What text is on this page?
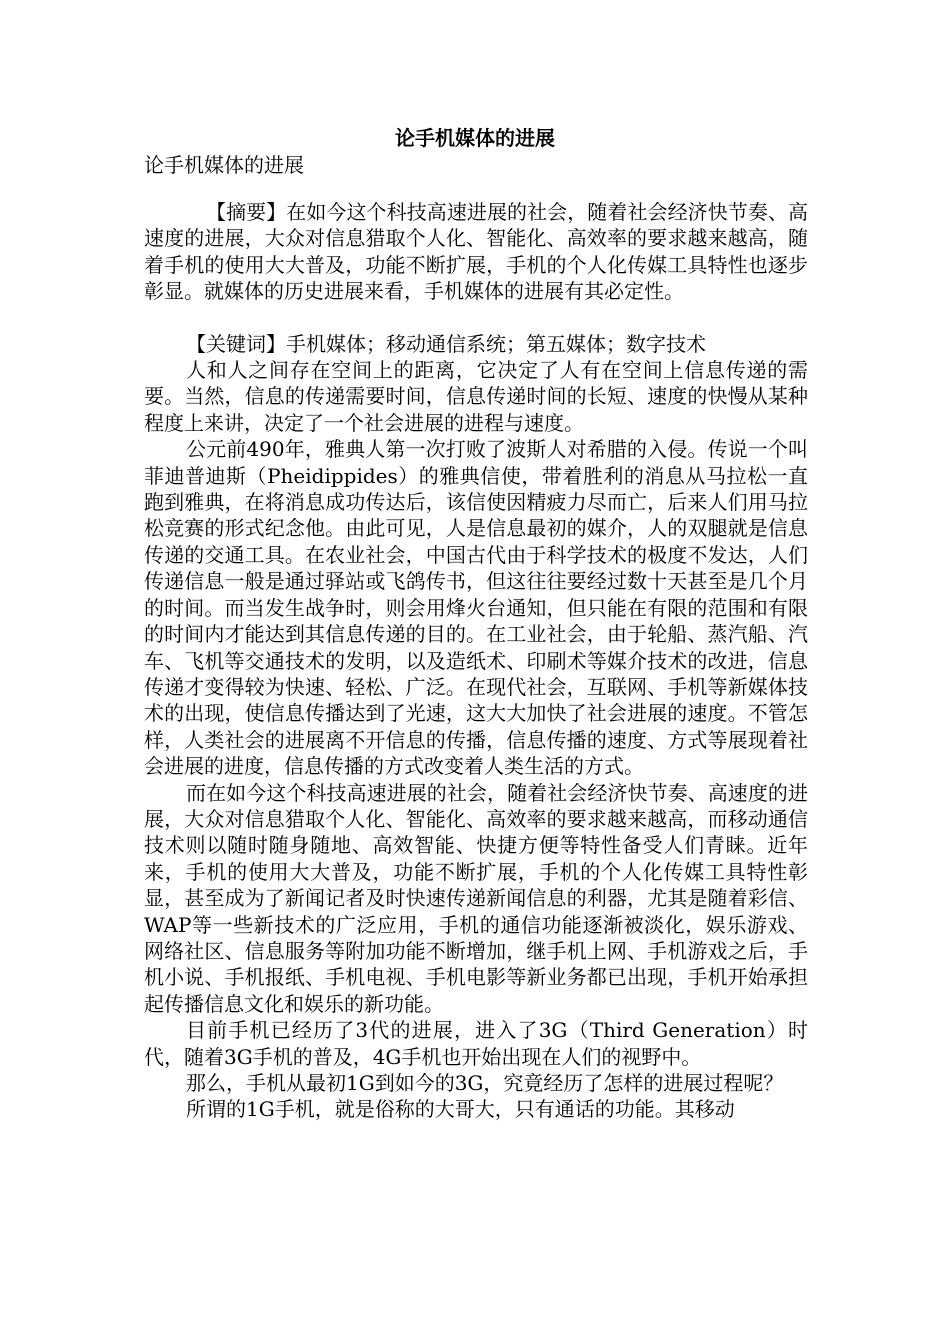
论手机媒体的进展
论手机媒体的进展

【摘要】在如今这个科技高速进展的社会，随着社会经济快节奏、高速度的进展，大众对信息猎取个人化、智能化、高效率的要求越来越高，随着手机的使用大大普及，功能不断扩展，手机的个人化传媒工具特性也逐步彰显。就媒体的历史进展来看，手机媒体的进展有其必定性。

【关键词】手机媒体；移动通信系统；第五媒体；数字技术

人和人之间存在空间上的距离，它决定了人有在空间上信息传递的需要。当然，信息的传递需要时间，信息传递时间的长短、速度的快慢从某种程度上来讲，决定了一个社会进展的进程与速度。

公元前490年，雅典人第一次打败了波斯人对希腊的入侵。传说一个叫菲迪普迪斯（Pheidippides）的雅典信使，带着胜利的消息从马拉松一直跑到雅典，在将消息成功传达后，该信使因精疲力尽而亡，后来人们用马拉松竞赛的形式纪念他。由此可见，人是信息最初的媒介，人的双腿就是信息传递的交通工具。在农业社会，中国古代由于科学技术的极度不发达，人们传递信息一般是通过驿站或飞鸽传书，但这往往要经过数十天甚至是几个月的时间。而当发生战争时，则会用烽火台通知，但只能在有限的范围和有限的时间内才能达到其信息传递的目的。在工业社会，由于轮船、蒸汽船、汽车、飞机等交通技术的发明，以及造纸术、印刷术等媒介技术的改进，信息传递才变得较为快速、轻松、广泛。在现代社会，互联网、手机等新媒体技术的出现，使信息传播达到了光速，这大大加快了社会进展的速度。不管怎样，人类社会的进展离不开信息的传播，信息传播的速度、方式等展现着社会进展的进度，信息传播的方式改变着人类生活的方式。

而在如今这个科技高速进展的社会，随着社会经济快节奏、高速度的进展，大众对信息猎取个人化、智能化、高效率的要求越来越高，而移动通信技术则以随时随身随地、高效智能、快捷方便等特性备受人们青睐。近年来，手机的使用大大普及，功能不断扩展，手机的个人化传媒工具特性彰显，甚至成为了新闻记者及时快速传递新闻信息的利器，尤其是随着彩信、WAP等一些新技术的广泛应用，手机的通信功能逐渐被淡化，娱乐游戏、网络社区、信息服务等附加功能不断增加，继手机上网、手机游戏之后，手机小说、手机报纸、手机电视、手机电影等新业务都已出现，手机开始承担起传播信息文化和娱乐的新功能。

目前手机已经历了3代的进展，进入了3G（Third Generation）时代，随着3G手机的普及，4G手机也开始出现在人们的视野中。

那么，手机从最初1G到如今的3G，究竟经历了怎样的进展过程呢？

所谓的1G手机，就是俗称的大哥大，只有通话的功能。其移动
